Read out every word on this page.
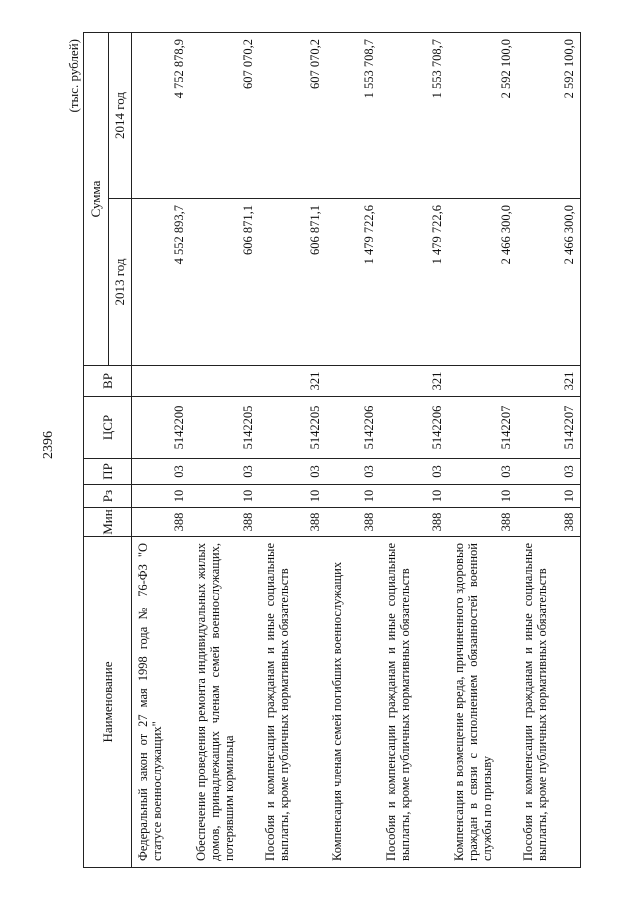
2396
(тыс. рублей)
Наименование	Мин	Рз	ПР	ЦСР	ВР	Сумма	
						2013 год	2014 год
Федеральный закон от 27 мая 1998 года № 76-ФЗ "О статусе военнослужащих"	388	10	03	5142200		4 552 893,7	4 752 878,9
Обеспечение проведения ремонта индивидуальных жилых домов, принадлежащих членам семей военнослужащих, потерявшим кормильца	388	10	03	5142205		606 871,1	607 070,2
Пособия и компенсации гражданам и иные социальные выплаты, кроме публичных нормативных обязательств	388	10	03	5142205	321	606 871,1	607 070,2
Компенсация членам семей погибших военнослужащих	388	10	03	5142206		1 479 722,6	1 553 708,7
Пособия и компенсации гражданам и иные социальные выплаты, кроме публичных нормативных обязательств	388	10	03	5142206	321	1 479 722,6	1 553 708,7
Компенсация в возмещение вреда, причиненного здоровью граждан в связи с исполнением обязанностей военной службы по призыву	388	10	03	5142207		2 466 300,0	2 592 100,0
Пособия и компенсации гражданам и иные социальные выплаты, кроме публичных нормативных обязательств	388	10	03	5142207	321	2 466 300,0	2 592 100,0
